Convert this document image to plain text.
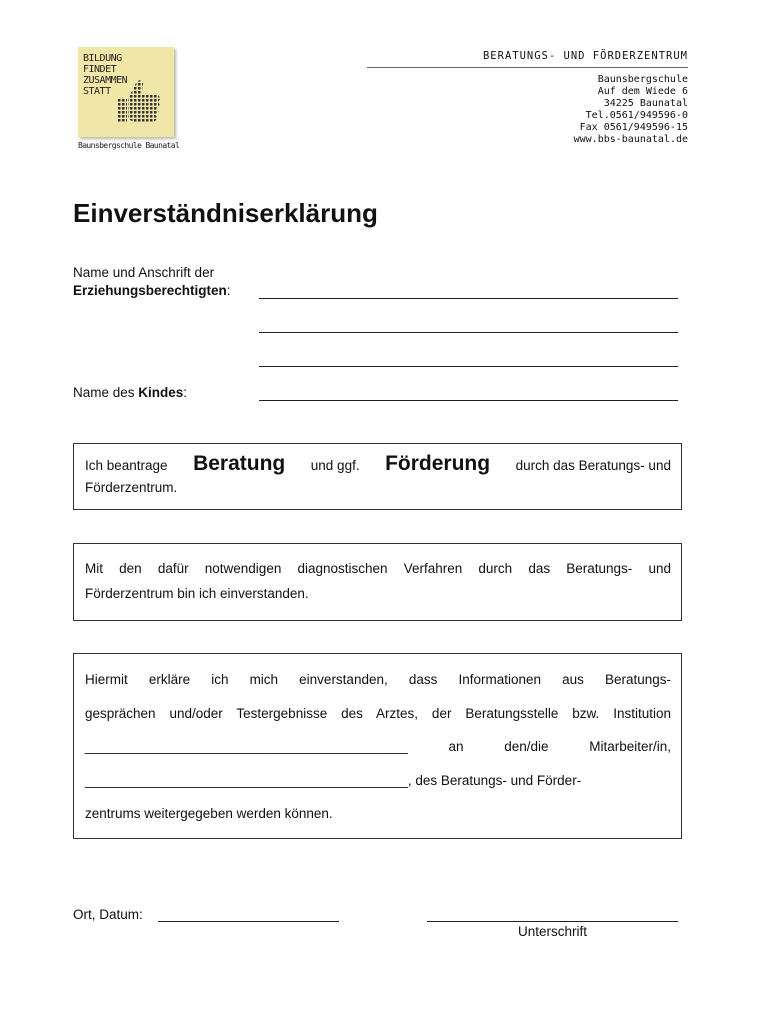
BILDUNG
FINDET
ZUSAMMEN
STATT
Baunsbergschule Baunatal
BERATUNGS- UND FÖRDERZENTRUM
Baunsbergschule
Auf dem Wiede 6
34225 Baunatal
Tel.0561/949596-0
Fax 0561/949596-15
www.bbs-baunatal.de
Einverständniserklärung
Name und Anschrift der
Erziehungsberechtigten:
Name des Kindes:
Ich beantrage Beratung und ggf. Förderung durch das Beratungs- und
Förderzentrum.
Mit den dafür notwendigen diagnostischen Verfahren durch das Beratungs- und
Förderzentrum bin ich einverstanden.
Hiermit erkläre ich mich einverstanden, dass Informationen aus Beratungs-
gesprächen und/oder Testergebnisse des Arztes, der Beratungsstelle bzw. Institution
___________________________________________	an	den/die	Mitarbeiter/in,
___________________________________________, des Beratungs- und Förder-
zentrums weitergegeben werden können.
Ort, Datum:
Unterschrift
